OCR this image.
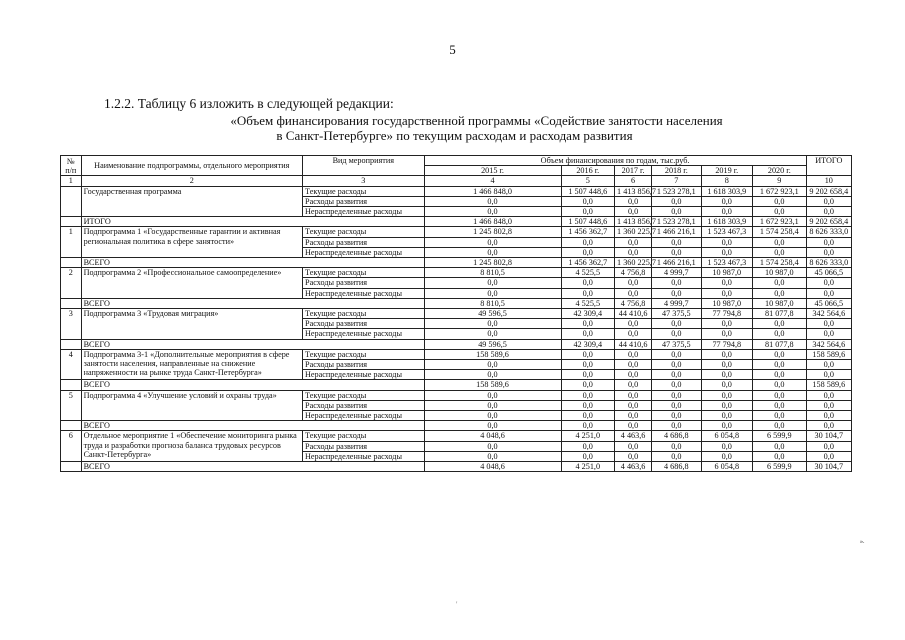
5
1.2.2. Таблицу 6 изложить в следующей редакции:
«Объем финансирования государственной программы «Содействие занятости населения
в Санкт-Петербурге» по текущим расходам и расходам развития
№ п/п	Наименование подпрограммы, отдельного мероприятия	Вид мероприятия	Объем финансирования по годам, тыс.руб.						ИТОГО
			2015 г.	2016 г.	2017 г.	2018 г.	2019 г.	2020 г.	
1	2	3	4	5	6	7	8	9	10
	Государственная программа	Текущие расходы	1 466 848,0	1 507 448,6	1 413 856,7	1 523 278,1	1 618 303,9	1 672 923,1	9 202 658,4
		Расходы развития	0,0	0,0	0,0	0,0	0,0	0,0	0,0
		Нераспределенные расходы	0,0	0,0	0,0	0,0	0,0	0,0	0,0
	ИТОГО		1 466 848,0	1 507 448,6	1 413 856,7	1 523 278,1	1 618 303,9	1 672 923,1	9 202 658,4
1	Подпрограмма 1 «Государственные гарантии и активная региональная политика в сфере занятости»	Текущие расходы	1 245 802,8	1 456 362,7	1 360 225,7	1 466 216,1	1 523 467,3	1 574 258,4	8 626 333,0
		Расходы развития	0,0	0,0	0,0	0,0	0,0	0,0	0,0
		Нераспределенные расходы	0,0	0,0	0,0	0,0	0,0	0,0	0,0
	ВСЕГО		1 245 802,8	1 456 362,7	1 360 225,7	1 466 216,1	1 523 467,3	1 574 258,4	8 626 333,0
2	Подпрограмма 2 «Профессиональное самоопределение»	Текущие расходы	8 810,5	4 525,5	4 756,8	4 999,7	10 987,0	10 987,0	45 066,5
		Расходы развития	0,0	0,0	0,0	0,0	0,0	0,0	0,0
		Нераспределенные расходы	0,0	0,0	0,0	0,0	0,0	0,0	0,0
	ВСЕГО		8 810,5	4 525,5	4 756,8	4 999,7	10 987,0	10 987,0	45 066,5
3	Подпрограмма 3 «Трудовая миграция»	Текущие расходы	49 596,5	42 309,4	44 410,6	47 375,5	77 794,8	81 077,8	342 564,6
		Расходы развития	0,0	0,0	0,0	0,0	0,0	0,0	0,0
		Нераспределенные расходы	0,0	0,0	0,0	0,0	0,0	0,0	0,0
	ВСЕГО		49 596,5	42 309,4	44 410,6	47 375,5	77 794,8	81 077,8	342 564,6
4	Подпрограмма 3-1 «Дополнительные мероприятия в сфере занятости населения, направленные на снижение напряженности на рынке труда Санкт-Петербурга»	Текущие расходы	158 589,6	0,0	0,0	0,0	0,0	0,0	158 589,6
		Расходы развития	0,0	0,0	0,0	0,0	0,0	0,0	0,0
		Нераспределенные расходы	0,0	0,0	0,0	0,0	0,0	0,0	0,0
	ВСЕГО		158 589,6	0,0	0,0	0,0	0,0	0,0	158 589,6
5	Подпрограмма 4 «Улучшение условий и охраны труда»	Текущие расходы	0,0	0,0	0,0	0,0	0,0	0,0	0,0
		Расходы развития	0,0	0,0	0,0	0,0	0,0	0,0	0,0
		Нераспределенные расходы	0,0	0,0	0,0	0,0	0,0	0,0	0,0
	ВСЕГО		0,0	0,0	0,0	0,0	0,0	0,0	0,0
6	Отдельное мероприятие 1 «Обеспечение мониторинга рынка труда и разработки прогноза баланса трудовых ресурсов Санкт-Петербурга»	Текущие расходы	4 048,6	4 251,0	4 463,6	4 686,8	6 054,8	6 599,9	30 104,7
		Расходы развития	0,0	0,0	0,0	0,0	0,0	0,0	0,0
		Нераспределенные расходы	0,0	0,0	0,0	0,0	0,0	0,0	0,0
	ВСЕГО		4 048,6	4 251,0	4 463,6	4 686,8	6 054,8	6 599,9	30 104,7
».
'
